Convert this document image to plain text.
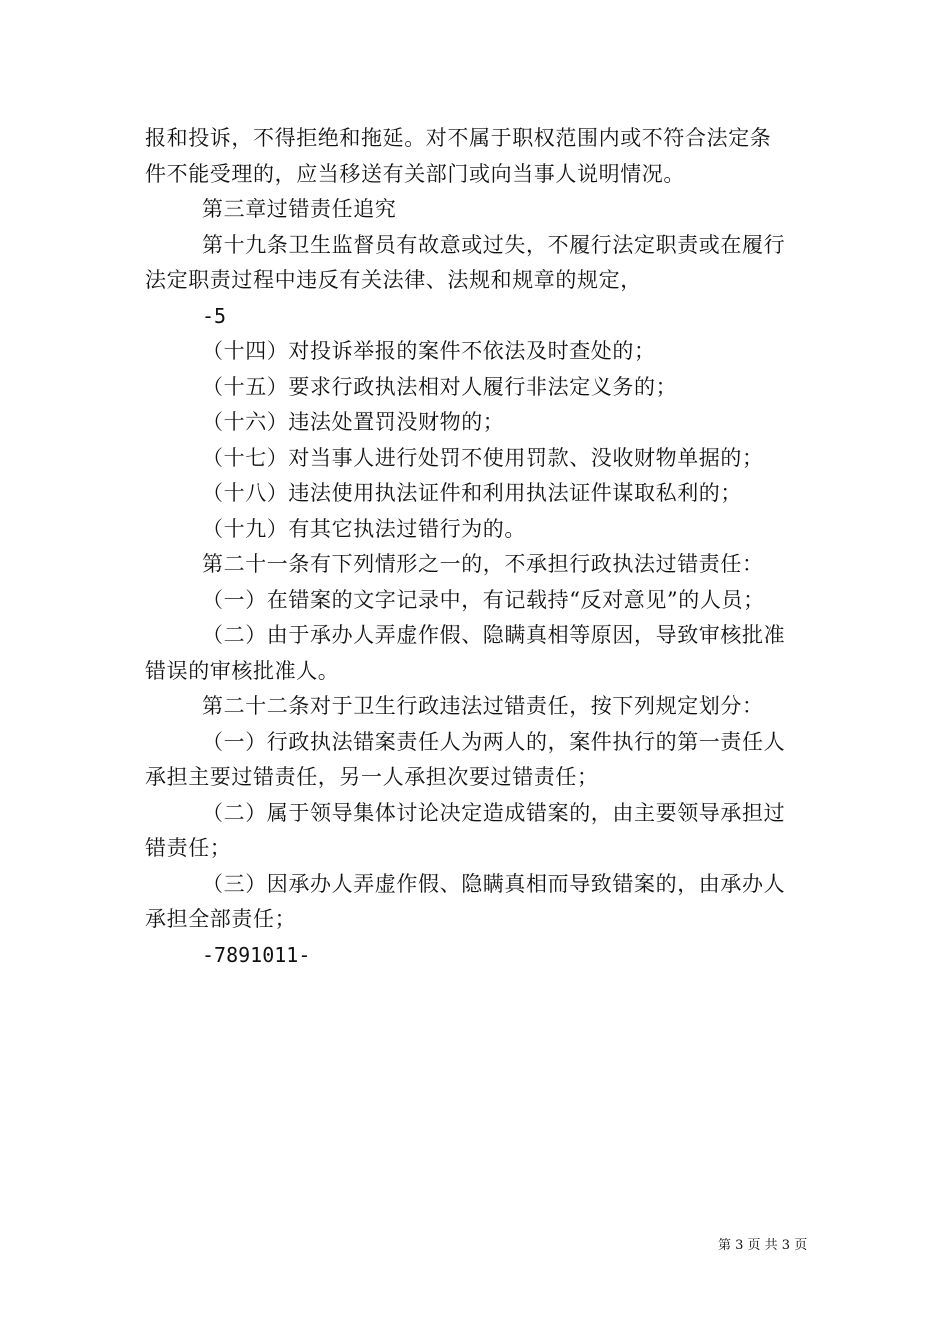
报和投诉，不得拒绝和拖延。对不属于职权范围内或不符合法定条
件不能受理的，应当移送有关部门或向当事人说明情况。
第三章过错责任追究
第十九条卫生监督员有故意或过失，不履行法定职责或在履行
法定职责过程中违反有关法律、法规和规章的规定，
-5
（十四）对投诉举报的案件不依法及时查处的；
（十五）要求行政执法相对人履行非法定义务的；
（十六）违法处置罚没财物的；
（十七）对当事人进行处罚不使用罚款、没收财物单据的；
（十八）违法使用执法证件和利用执法证件谋取私利的；
（十九）有其它执法过错行为的。
第二十一条有下列情形之一的，不承担行政执法过错责任：
（一）在错案的文字记录中，有记载持“反对意见”的人员；
（二）由于承办人弄虚作假、隐瞒真相等原因，导致审核批准
错误的审核批准人。
第二十二条对于卫生行政违法过错责任，按下列规定划分：
（一）行政执法错案责任人为两人的，案件执行的第一责任人
承担主要过错责任，另一人承担次要过错责任；
（二）属于领导集体讨论决定造成错案的，由主要领导承担过
错责任；
（三）因承办人弄虚作假、隐瞒真相而导致错案的，由承办人
承担全部责任；
-7891011-
第 3 页 共 3 页
